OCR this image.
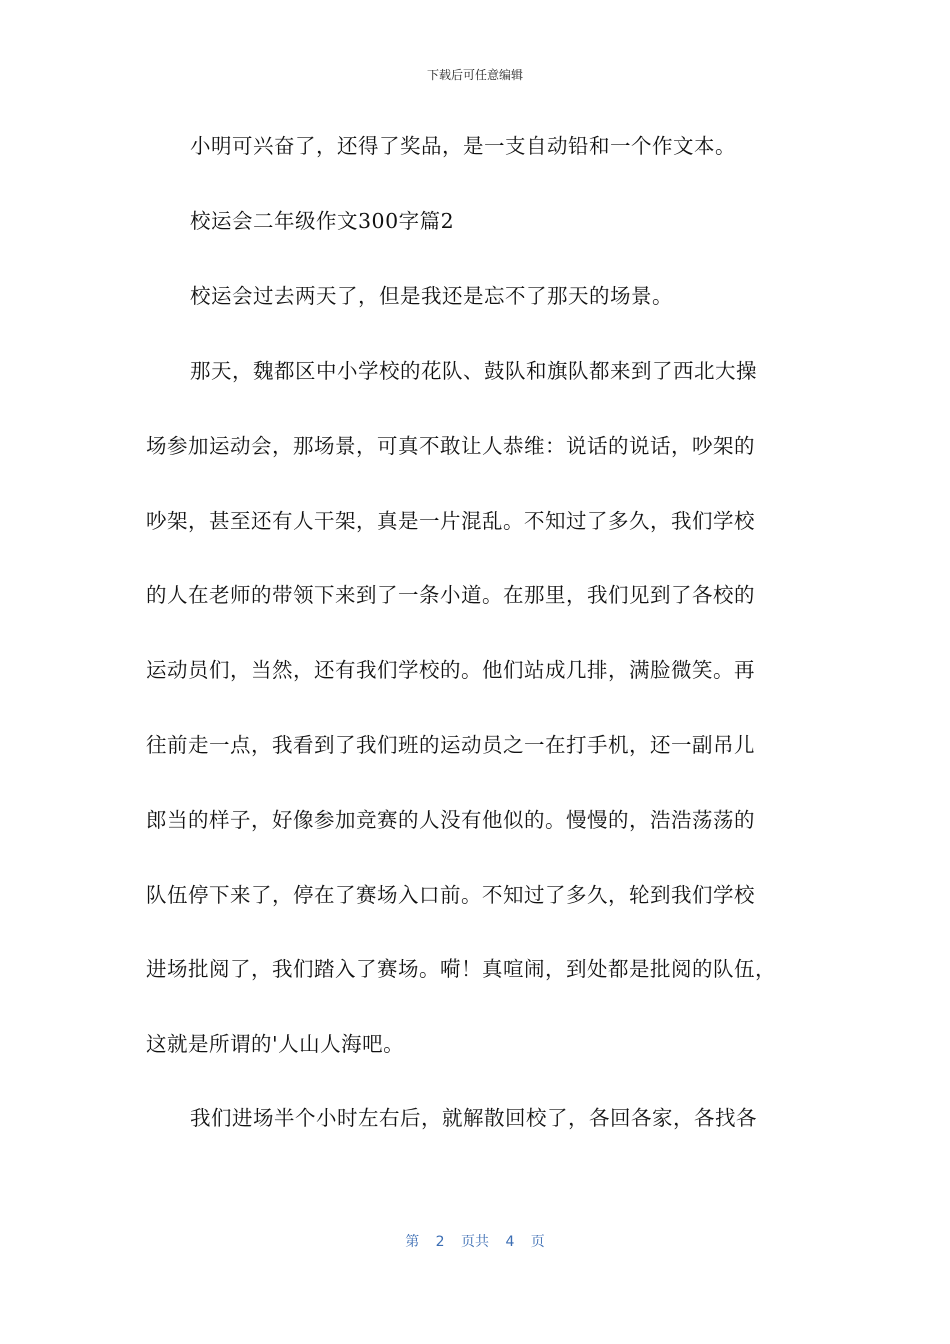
下载后可任意编辑
小明可兴奋了，还得了奖品，是一支自动铅和一个作文本。
校运会二年级作文300字篇2
校运会过去两天了，但是我还是忘不了那天的场景。
那天，魏都区中小学校的花队、鼓队和旗队都来到了西北大操
场参加运动会，那场景，可真不敢让人恭维：说话的说话，吵架的
吵架，甚至还有人干架，真是一片混乱。不知过了多久，我们学校
的人在老师的带领下来到了一条小道。在那里，我们见到了各校的
运动员们，当然，还有我们学校的。他们站成几排，满脸微笑。再
往前走一点，我看到了我们班的运动员之一在打手机，还一副吊儿
郎当的样子，好像参加竞赛的人没有他似的。慢慢的，浩浩荡荡的
队伍停下来了，停在了赛场入口前。不知过了多久，轮到我们学校
进场批阅了，我们踏入了赛场。嗬！真喧闹，到处都是批阅的队伍，
这就是所谓的'人山人海吧。
我们进场半个小时左右后，就解散回校了，各回各家，各找各
第 2 页共 4 页
